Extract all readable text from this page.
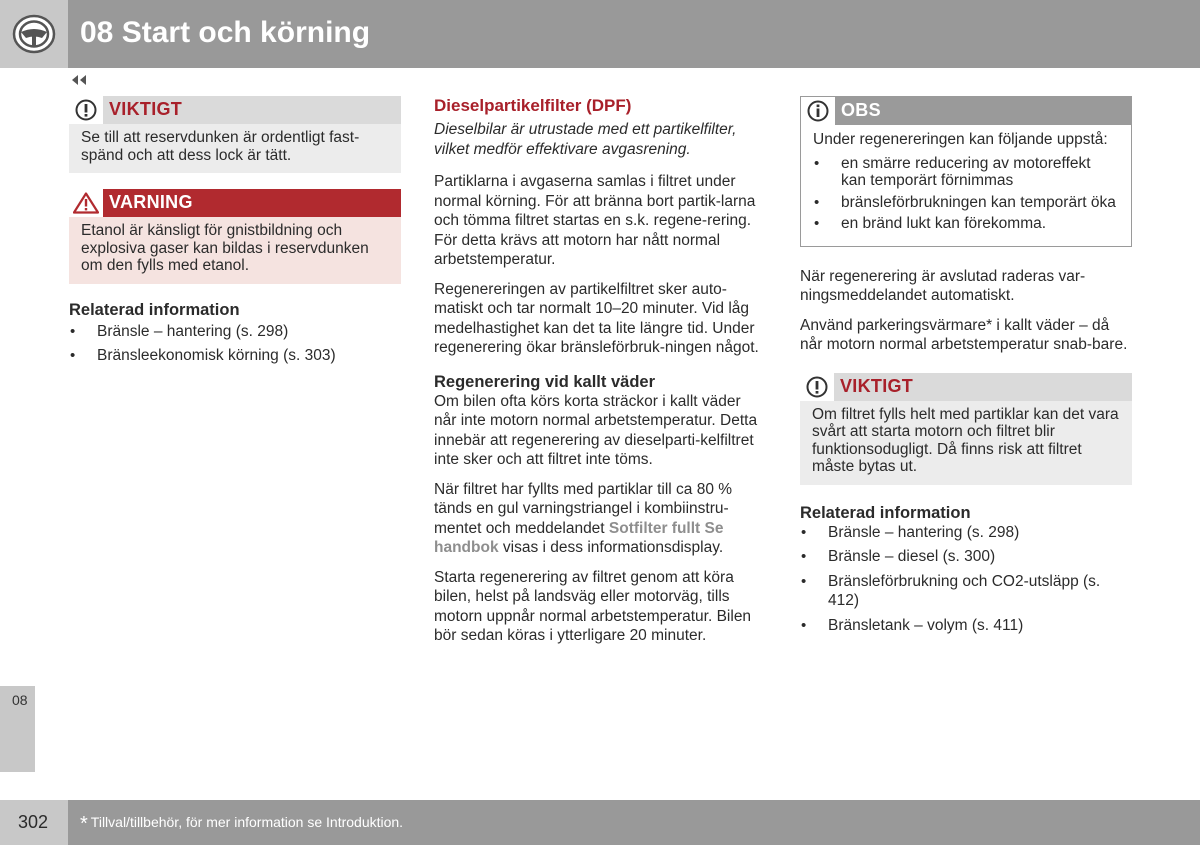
08 Start och körning
VIKTIGT
Se till att reservdunken är ordentligt fast-spänd och att dess lock är tätt.
VARNING
Etanol är känsligt för gnistbildning och explosiva gaser kan bildas i reservdunken om den fylls med etanol.
Relaterad information
• Bränsle – hantering (s. 298)
• Bränsleekonomisk körning (s. 303)
Dieselpartikelfilter (DPF)

Dieselbilar är utrustade med ett partikelfilter, vilket medför effektivare avgasrening.

Partiklarna i avgaserna samlas i filtret under normal körning. För att bränna bort partik-larna och tömma filtret startas en s.k. regene-rering. För detta krävs att motorn har nått normal arbetstemperatur.

Regenereringen av partikelfiltret sker auto-matiskt och tar normalt 10–20 minuter. Vid låg medelhastighet kan det ta lite längre tid. Under regenerering ökar bränsleförbruk-ningen något.

Regenerering vid kallt väder

Om bilen ofta körs korta sträckor i kallt väder når inte motorn normal arbetstemperatur. Detta innebär att regenerering av dieselparti-kelfiltret inte sker och att filtret inte töms.

När filtret har fyllts med partiklar till ca 80 % tänds en gul varningstriangel i kombiinstru-mentet och meddelandet Sotfilter fullt Se handbok visas i dess informationsdisplay.

Starta regenerering av filtret genom att köra bilen, helst på landsväg eller motorväg, tills motorn uppnår normal arbetstemperatur. Bilen bör sedan köras i ytterligare 20 minuter.

OBS
Under regenereringen kan följande uppstå:
• en smärre reducering av motoreffekt kan temporärt förnimmas
• bränsleförbrukningen kan temporärt öka
• en bränd lukt kan förekomma.

När regenerering är avslutad raderas var-ningsmeddelandet automatiskt.

Använd parkeringsvärmare* i kallt väder – då når motorn normal arbetstemperatur snab-bare.

VIKTIGT
Om filtret fylls helt med partiklar kan det vara svårt att starta motorn och filtret blir funktionsodugligt. Då finns risk att filtret måste bytas ut.
Relaterad information
• Bränsle – hantering (s. 298)
• Bränsle – diesel (s. 300)
• Bränsleförbrukning och CO2-utsläpp (s. 412)
• Bränsletank – volym (s. 411)
08
302 * Tillval/tillbehör, för mer information se Introduktion.
